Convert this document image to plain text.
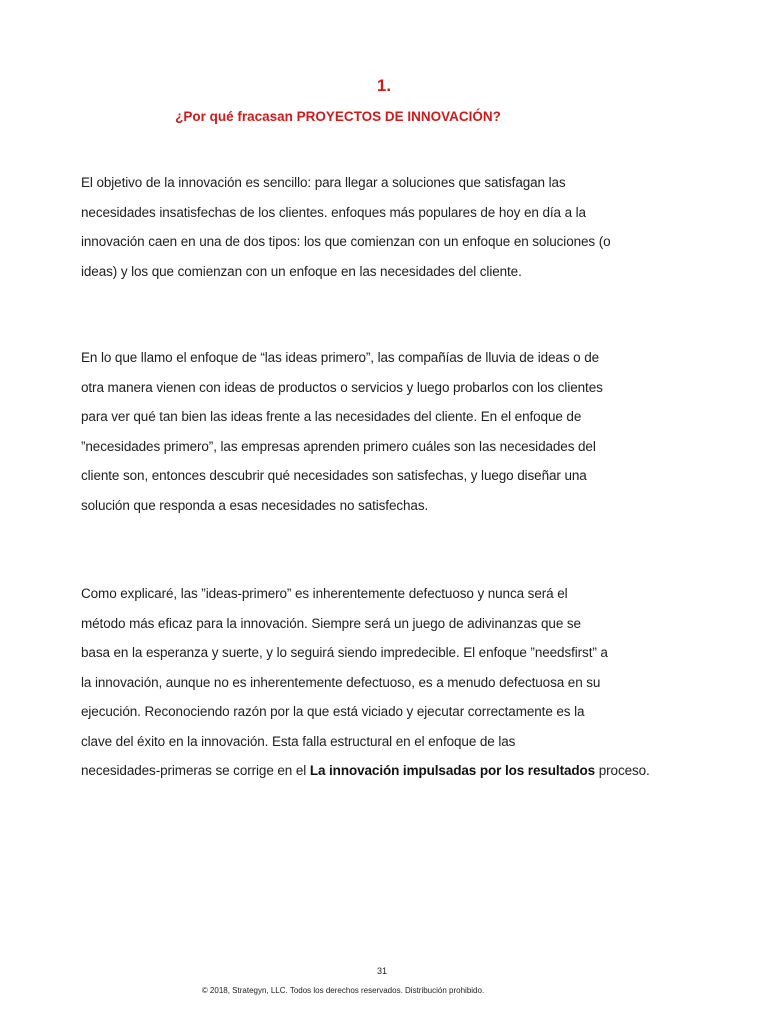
1.
¿Por qué fracasan PROYECTOS DE INNOVACIÓN?

El objetivo de la innovación es sencillo: para llegar a soluciones que satisfagan las
necesidades insatisfechas de los clientes. enfoques más populares de hoy en día a la
innovación caen en una de dos tipos: los que comienzan con un enfoque en soluciones (o
ideas) y los que comienzan con un enfoque en las necesidades del cliente.

En lo que llamo el enfoque de “las ideas primero”, las compañías de lluvia de ideas o de
otra manera vienen con ideas de productos o servicios y luego probarlos con los clientes
para ver qué tan bien las ideas frente a las necesidades del cliente. En el enfoque de
”necesidades primero”, las empresas aprenden primero cuáles son las necesidades del
cliente son, entonces descubrir qué necesidades son satisfechas, y luego diseñar una
solución que responda a esas necesidades no satisfechas.

Como explicaré, las ”ideas-primero” es inherentemente defectuoso y nunca será el
método más eficaz para la innovación. Siempre será un juego de adivinanzas que se
basa en la esperanza y suerte, y lo seguirá siendo impredecible. El enfoque ”needsfirst” a
la innovación, aunque no es inherentemente defectuoso, es a menudo defectuosa en su
ejecución. Reconociendo razón por la que está viciado y ejecutar correctamente es la
clave del éxito en la innovación. Esta falla estructural en el enfoque de las
necesidades-primeras se corrige en el La innovación impulsadas por los resultados proceso.

31
© 2018, Strategyn, LLC. Todos los derechos reservados. Distribución prohibido.
